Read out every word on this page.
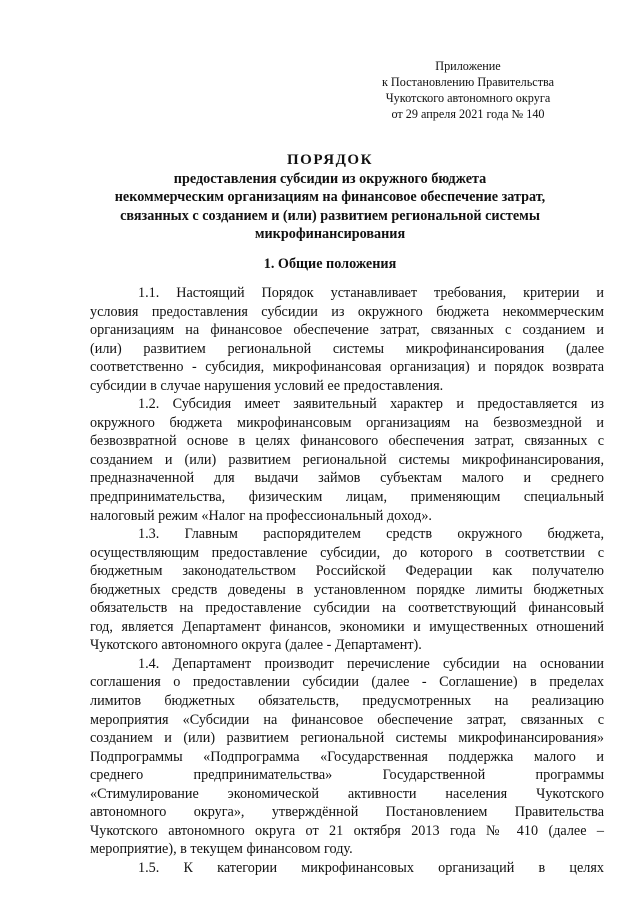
Приложение
к Постановлению Правительства
Чукотского автономного округа
от 29 апреля 2021 года № 140
ПОРЯДОК
предоставления субсидии из окружного бюджета
некоммерческим организациям на финансовое обеспечение затрат,
связанных с созданием и (или) развитием региональной системы
микрофинансирования
1. Общие положения
1.1. Настоящий Порядок устанавливает требования, критерии и
условия предоставления субсидии из окружного бюджета некоммерческим
организациям на финансовое обеспечение затрат, связанных с созданием и
(или) развитием региональной системы микрофинансирования (далее
соответственно - субсидия, микрофинансовая организация) и порядок возврата
субсидии в случае нарушения условий ее предоставления.
1.2. Субсидия имеет заявительный характер и предоставляется из
окружного бюджета микрофинансовым организациям на безвозмездной и
безвозвратной основе в целях финансового обеспечения затрат, связанных с
созданием и (или) развитием региональной системы микрофинансирования,
предназначенной для выдачи займов субъектам малого и среднего
предпринимательства, физическим лицам, применяющим специальный
налоговый режим «Налог на профессиональный доход».
1.3. Главным распорядителем средств окружного бюджета,
осуществляющим предоставление субсидии, до которого в соответствии с
бюджетным законодательством Российской Федерации как получателю
бюджетных средств доведены в установленном порядке лимиты бюджетных
обязательств на предоставление субсидии на соответствующий финансовый
год, является Департамент финансов, экономики и имущественных отношений
Чукотского автономного округа (далее - Департамент).
1.4. Департамент производит перечисление субсидии на основании
соглашения о предоставлении субсидии (далее - Соглашение) в пределах
лимитов бюджетных обязательств, предусмотренных на реализацию
мероприятия «Субсидии на финансовое обеспечение затрат, связанных с
созданием и (или) развитием региональной системы микрофинансирования»
Подпрограммы «Подпрограмма «Государственная поддержка малого и
среднего предпринимательства» Государственной программы
«Стимулирование экономической активности населения Чукотского
автономного округа», утверждённой Постановлением Правительства
Чукотского автономного округа от 21 октября 2013 года № 410 (далее –
мероприятие), в текущем финансовом году.
1.5. К категории микрофинансовых организаций в целях
